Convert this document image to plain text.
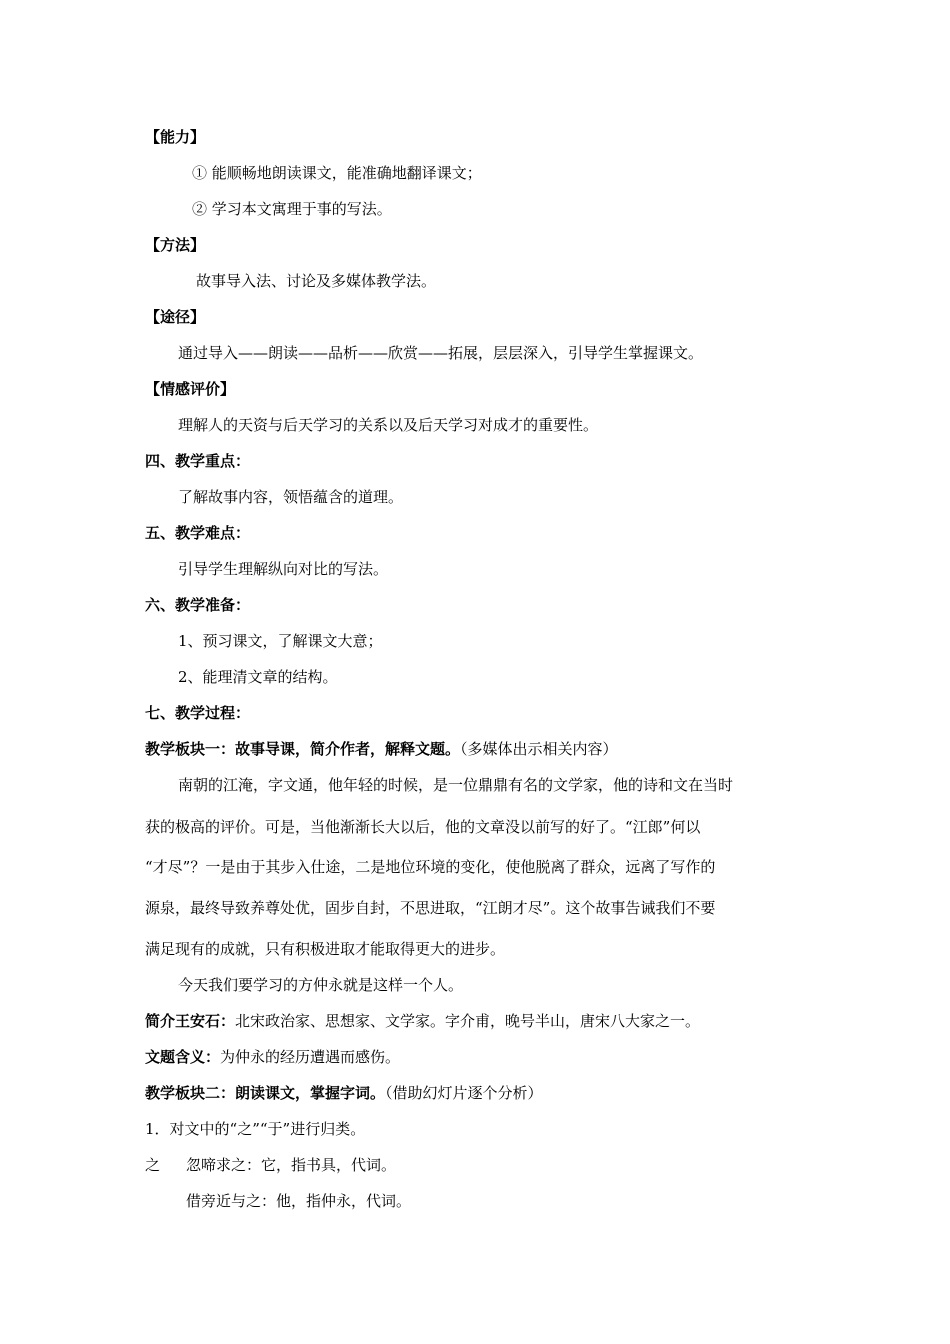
【能力】
① 能顺畅地朗读课文，能准确地翻译课文；
② 学习本文寓理于事的写法。
【方法】
故事导入法、讨论及多媒体教学法。
【途径】
通过导入——朗读——品析——欣赏——拓展，层层深入，引导学生掌握课文。
【情感评价】
理解人的天资与后天学习的关系以及后天学习对成才的重要性。
四、教学重点：
了解故事内容，领悟蕴含的道理。
五、教学难点：
引导学生理解纵向对比的写法。
六、教学准备：
1、预习课文，了解课文大意；
2、能理清文章的结构。
七、教学过程：
教学板块一：故事导课，简介作者，解释文题。（多媒体出示相关内容）
南朝的江淹，字文通，他年轻的时候，是一位鼎鼎有名的文学家，他的诗和文在当时
获的极高的评价。可是，当他渐渐长大以后，他的文章没以前写的好了。“江郎”何以
“才尽”？一是由于其步入仕途，二是地位环境的变化，使他脱离了群众，远离了写作的
源泉，最终导致养尊处优，固步自封，不思进取，“江朗才尽”。这个故事告诫我们不要
满足现有的成就，只有积极进取才能取得更大的进步。
今天我们要学习的方仲永就是这样一个人。
简介王安石：北宋政治家、思想家、文学家。字介甫，晚号半山，唐宋八大家之一。
文题含义：为仲永的经历遭遇而感伤。
教学板块二：朗读课文，掌握字词。（借助幻灯片逐个分析）
1．对文中的“之”“于”进行归类。
之 忽啼求之：它，指书具，代词。
借旁近与之：他，指仲永，代词。
